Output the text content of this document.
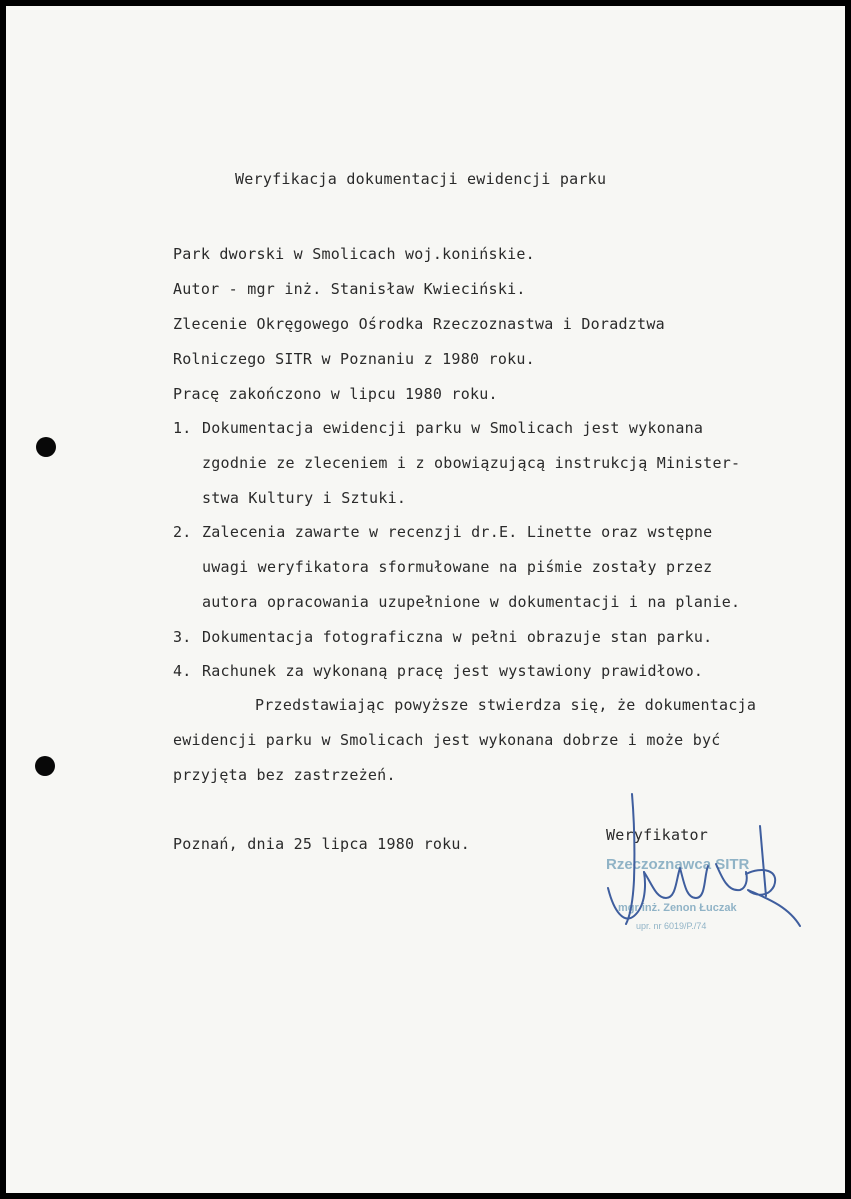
Weryfikacja dokumentacji ewidencji parku
Park dworski w Smolicach woj.konińskie.
Autor - mgr inż. Stanisław Kwieciński.
Zlecenie Okręgowego Ośrodka Rzeczoznastwa i Doradztwa
Rolniczego SITR w Poznaniu z 1980 roku.
Pracę zakończono w lipcu 1980 roku.
1. Dokumentacja ewidencji parku w Smolicach jest wykonana
zgodnie ze zleceniem i z obowiązującą instrukcją Minister-
stwa Kultury i Sztuki.
2. Zalecenia zawarte w recenzji dr.E. Linette oraz wstępne
uwagi weryfikatora sformułowane na piśmie zostały przez
autora opracowania uzupełnione w dokumentacji i na planie.
3. Dokumentacja fotograficzna w pełni obrazuje stan parku.
4. Rachunek za wykonaną pracę jest wystawiony prawidłowo.
Przedstawiając powyższe stwierdza się, że dokumentacja
ewidencji parku w Smolicach jest wykonana dobrze i może być
przyjęta bez zastrzeżeń.
Poznań, dnia 25 lipca 1980 roku.	Weryfikator
Rzeczoznawca SITR
mgr inż. Zenon Łuczak
upr. nr 6019/P./74
